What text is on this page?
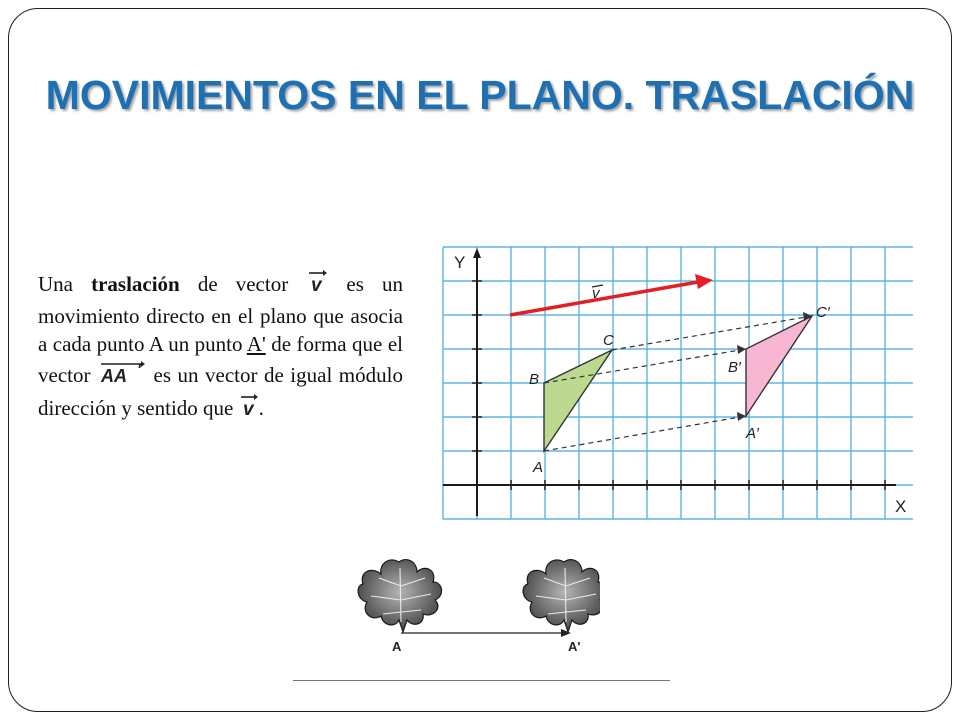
MOVIMIENTOS EN EL PLANO. TRASLACIÓN

Una traslación de vector v es un movimiento directo en el plano que asocia a cada punto A un punto A' de forma que el vector AA ' es un vector de igual módulo dirección y sentido que v .

Y
X
v
A
B
C
A′
B′
C′
A	A'
